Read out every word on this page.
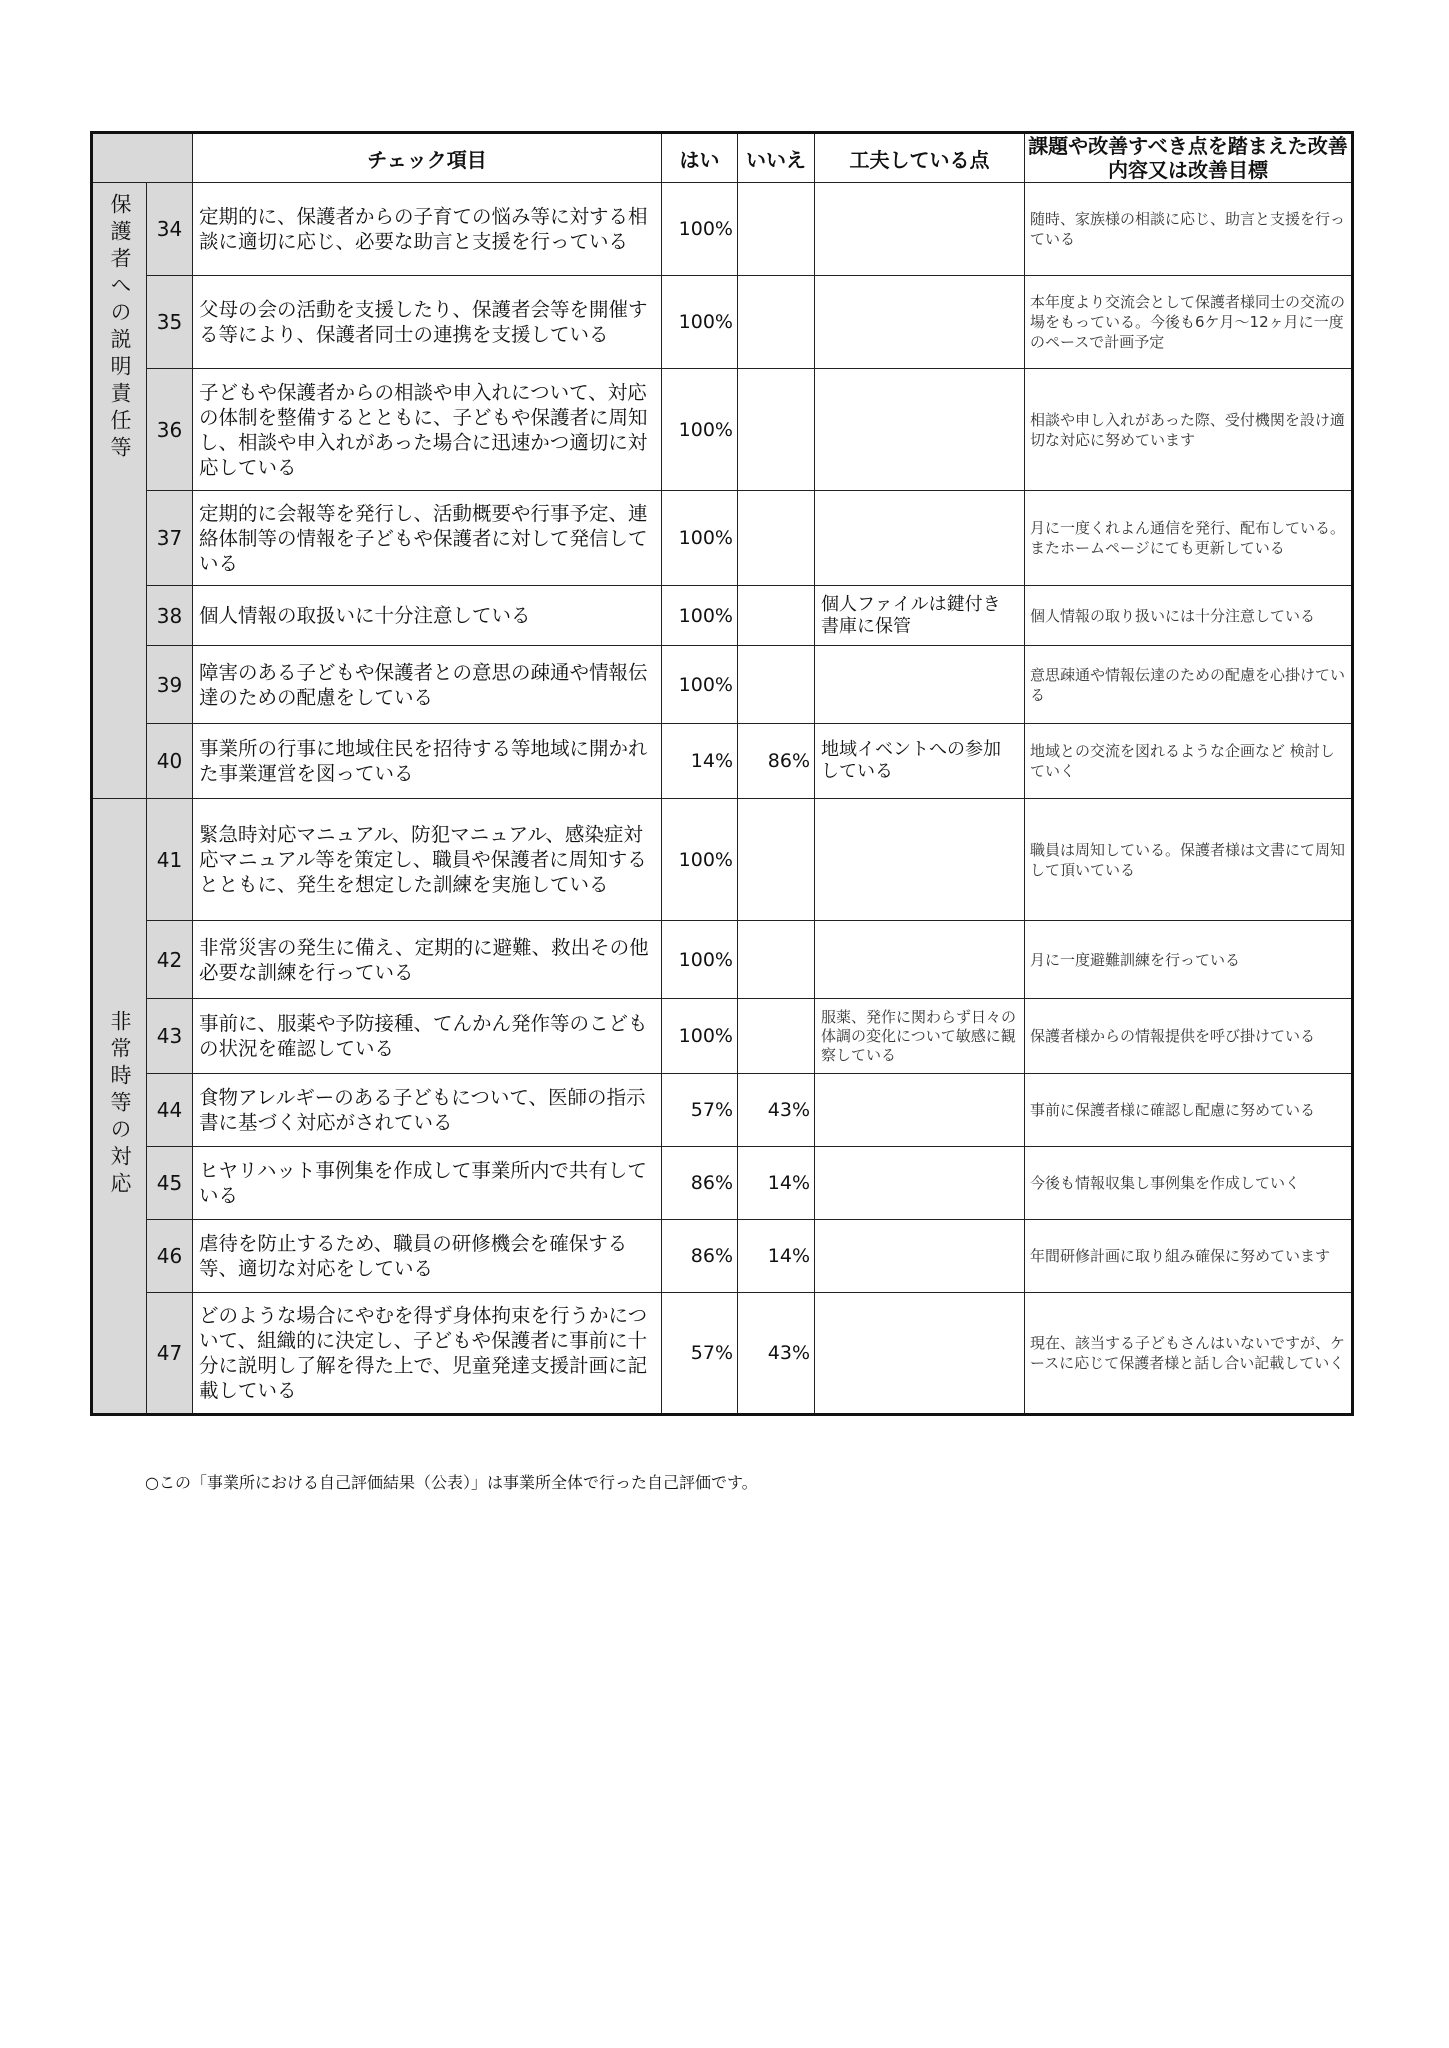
		チェック項目	はい	いいえ	工夫している点	課題や改善すべき点を踏まえた改善内容又は改善目標
保護者への説明責任等	34	定期的に、保護者からの子育ての悩み等に対する相談に適切に応じ、必要な助言と支援を行っている	100%			随時、家族様の相談に応じ、助言と支援を行っている
	35	父母の会の活動を支援したり、保護者会等を開催する等により、保護者同士の連携を支援している	100%			本年度より交流会として保護者様同士の交流の場をもっている。今後も6ケ月～12ヶ月に一度のペースで計画予定
	36	子どもや保護者からの相談や申入れについて、対応の体制を整備するとともに、子どもや保護者に周知し、相談や申入れがあった場合に迅速かつ適切に対応している	100%			相談や申し入れがあった際、受付機関を設け適切な対応に努めています
	37	定期的に会報等を発行し、活動概要や行事予定、連絡体制等の情報を子どもや保護者に対して発信している	100%			月に一度くれよん通信を発行、配布している。またホームページにても更新している
	38	個人情報の取扱いに十分注意している	100%		個人ファイルは鍵付き書庫に保管	個人情報の取り扱いには十分注意している
	39	障害のある子どもや保護者との意思の疎通や情報伝達のための配慮をしている	100%			意思疎通や情報伝達のための配慮を心掛けている
	40	事業所の行事に地域住民を招待する等地域に開かれた事業運営を図っている	14%	86%	地域イベントへの参加している	地域との交流を図れるような企画など 検討していく
非常時等の対応	41	緊急時対応マニュアル、防犯マニュアル、感染症対応マニュアル等を策定し、職員や保護者に周知するとともに、発生を想定した訓練を実施している	100%			職員は周知している。保護者様は文書にて周知して頂いている
	42	非常災害の発生に備え、定期的に避難、救出その他必要な訓練を行っている	100%			月に一度避難訓練を行っている
	43	事前に、服薬や予防接種、てんかん発作等のこどもの状況を確認している	100%		服薬、発作に関わらず日々の体調の変化について敏感に観察している	保護者様からの情報提供を呼び掛けている
	44	食物アレルギーのある子どもについて、医師の指示書に基づく対応がされている	57%	43%		事前に保護者様に確認し配慮に努めている
	45	ヒヤリハット事例集を作成して事業所内で共有している	86%	14%		今後も情報収集し事例集を作成していく
	46	虐待を防止するため、職員の研修機会を確保する等、適切な対応をしている	86%	14%		年間研修計画に取り組み確保に努めています
	47	どのような場合にやむを得ず身体拘束を行うかについて、組織的に決定し、子どもや保護者に事前に十分に説明し了解を得た上で、児童発達支援計画に記載している	57%	43%		現在、該当する子どもさんはいないですが、ケースに応じて保護者様と話し合い記載していく
○この「事業所における自己評価結果（公表）」は事業所全体で行った自己評価です。
